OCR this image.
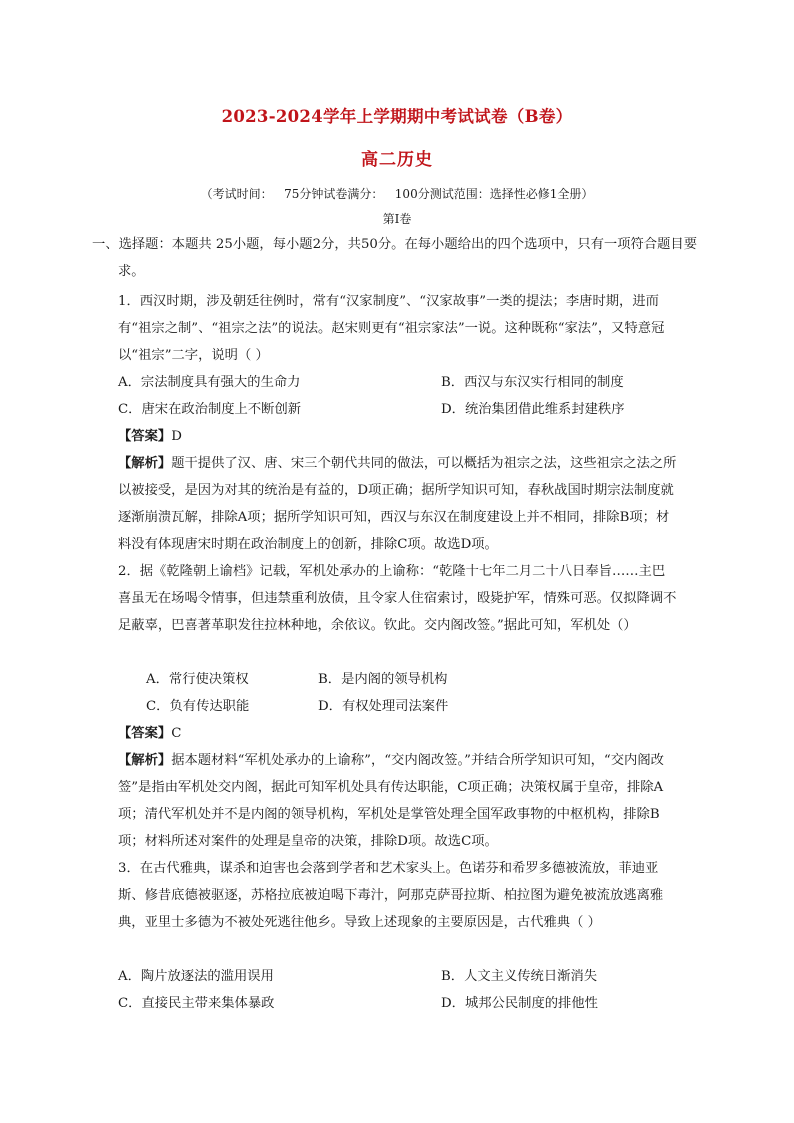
2023-2024学年上学期期中考试试卷（B卷）
高二历史
（考试时间：   75分钟试卷满分：   100分测试范围：选择性必修1全册）
第Ⅰ卷

一、选择题：本题共 25小题，每小题2分，共50分。在每小题给出的四个选项中，只有一项符合题目要求。

1．西汉时期，涉及朝廷往例时，常有“汉家制度”、“汉家故事”一类的提法；李唐时期，进而有“祖宗之制”、“祖宗之法”的说法。赵宋则更有“祖宗家法”一说。这种既称“家法”，又特意冠以“祖宗”二字，说明（ ）

A．宗法制度具有强大的生命力	B．西汉与东汉实行相同的制度
C．唐宋在政治制度上不断创新	D．统治集团借此维系封建秩序
【答案】D

【解析】题干提供了汉、唐、宋三个朝代共同的做法，可以概括为祖宗之法，这些祖宗之法之所以被接受，是因为对其的统治是有益的，D项正确；据所学知识可知，春秋战国时期宗法制度就逐渐崩溃瓦解，排除A项；据所学知识可知，西汉与东汉在制度建设上并不相同，排除B项；材料没有体现唐宋时期在政治制度上的创新，排除C项。故选D项。

2．据《乾隆朝上谕档》记载，军机处承办的上谕称：“乾隆十七年二月二十八日奉旨……主巴喜虽无在场喝令情事，但违禁重利放债，且令家人住宿索讨，殴毙护军，情殊可恶。仅拟降调不足蔽辜，巴喜著革职发往拉林种地，余依议。钦此。交内阁改签。”据此可知，军机处（）

A．常行使决策权	B．是内阁的领导机构
C．负有传达职能	D．有权处理司法案件
【答案】C

【解析】据本题材料“军机处承办的上谕称”，“交内阁改签。”并结合所学知识可知，“交内阁改签”是指由军机处交内阁，据此可知军机处具有传达职能，C项正确；决策权属于皇帝，排除A项；清代军机处并不是内阁的领导机构，军机处是掌管处理全国军政事物的中枢机构，排除B项；材料所述对案件的处理是皇帝的决策，排除D项。故选C项。

3．在古代雅典，谋杀和迫害也会落到学者和艺术家头上。色诺芬和希罗多德被流放，菲迪亚斯、修昔底德被驱逐，苏格拉底被迫喝下毒汁，阿那克萨哥拉斯、柏拉图为避免被流放逃离雅典，亚里士多德为不被处死逃往他乡。导致上述现象的主要原因是，古代雅典（ ）

A．陶片放逐法的滥用误用	B．人文主义传统日渐消失
C．直接民主带来集体暴政	D．城邦公民制度的排他性
